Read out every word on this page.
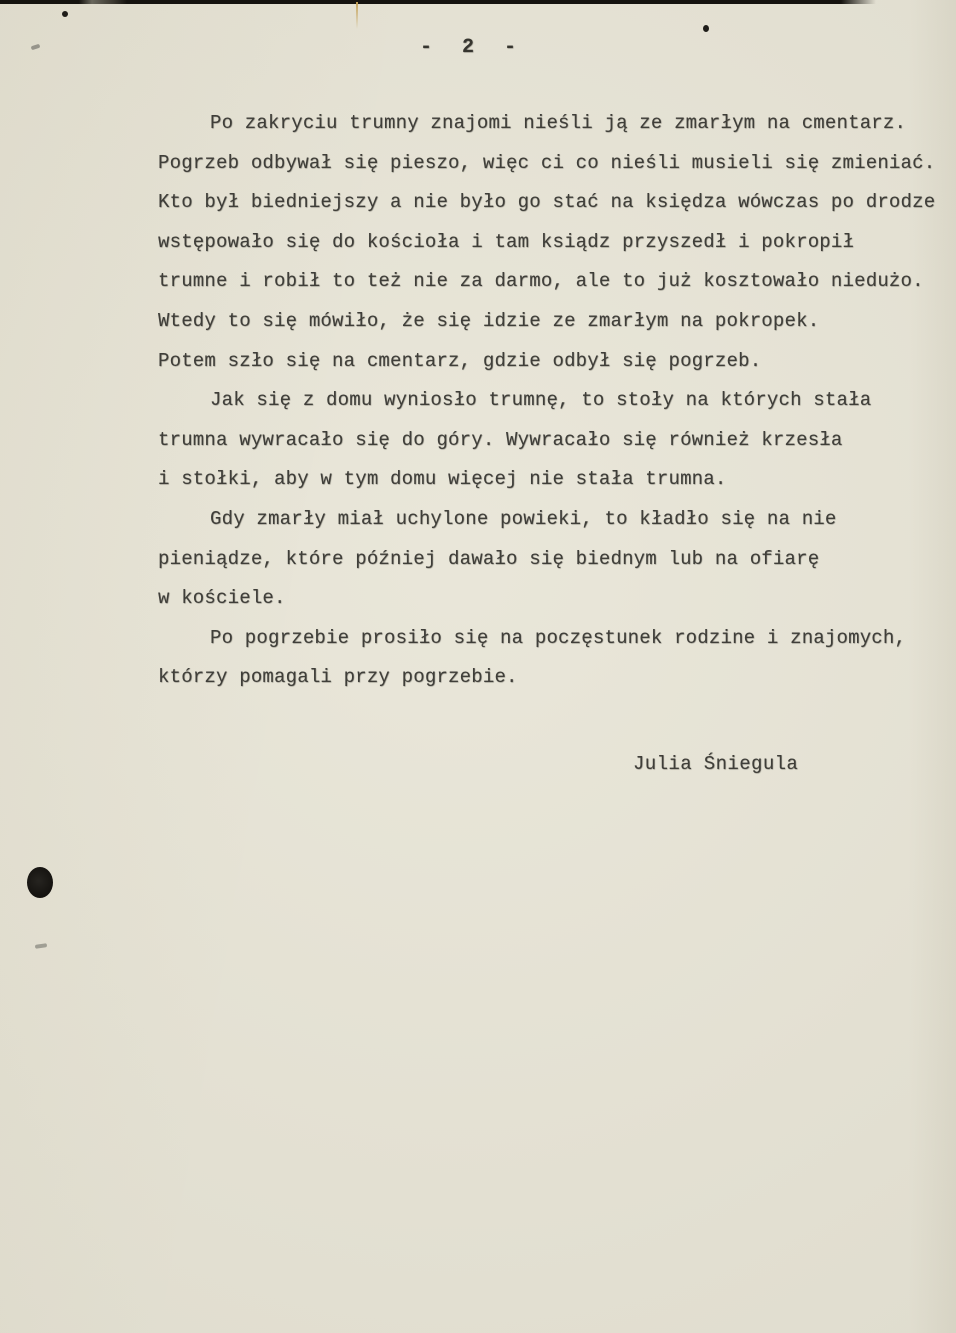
- 2 -

Po zakryciu trumny znajomi nieśli ją ze zmarłym na cmentarz.
Pogrzeb odbywał się pieszo, więc ci co nieśli musieli się zmieniać.
Kto był biedniejszy a nie było go stać na księdza wówczas po drodze
wstępowało się do kościoła i tam ksiądz przyszedł i pokropił
trumne i robił to też nie za darmo, ale to już kosztowało niedużo.
Wtedy to się mówiło, że się idzie ze zmarłym na pokropek.
Potem szło się na cmentarz, gdzie odbył się pogrzeb.

Jak się z domu wyniosło trumnę, to stoły na których stała
trumna wywracało się do góry. Wywracało się również krzesła
i stołki, aby w tym domu więcej nie stała trumna.

Gdy zmarły miał uchylone powieki, to kładło się na nie
pieniądze, które później dawało się biednym lub na ofiarę
w kościele.

Po pogrzebie prosiło się na poczęstunek rodzine i znajomych,
którzy pomagali przy pogrzebie.

Julia Śniegula
